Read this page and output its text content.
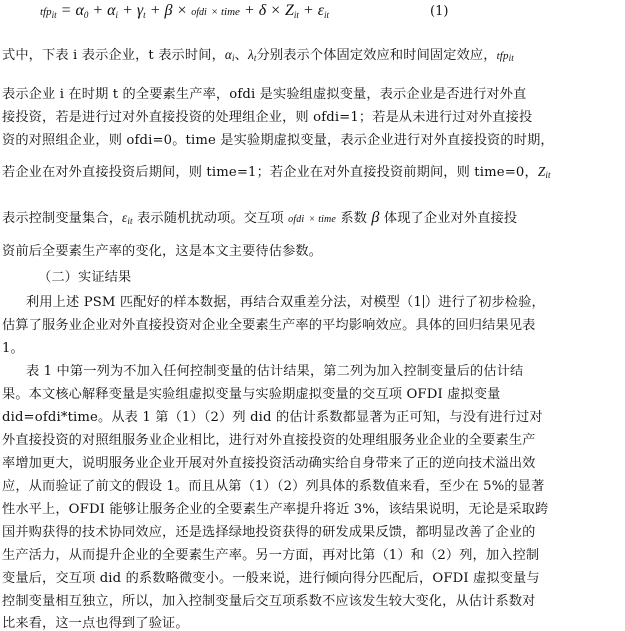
$tfp_{it} = \alpha_0 + \alpha_i + \gamma_t + \beta$ × ofdi × time + $\delta \times Z_{it} + \varepsilon_{it}$	(1)
式中，下表 i 表示企业，t 表示时间，αi、λt分别表示个体固定效应和时间固定效应，tfpit
表示企业 i 在时期 t 的全要素生产率，ofdi 是实验组虚拟变量，表示企业是否进行对外直
接投资，若是进行过对外直接投资的处理组企业，则 ofdi=1；若是从未进行过对外直接投
资的对照组企业，则 ofdi=0。time 是实验期虚拟变量，表示企业进行对外直接投资的时期，
若企业在对外直接投资后期间，则 time=1；若企业在对外直接投资前期间，则 time=0，Zit
表示控制变量集合，εit 表示随机扰动项。交互项 ofdi × time 系数 β 体现了企业对外直接投
资前后全要素生产率的变化，这是本文主要待估参数。
（二）实证结果
利用上述 PSM 匹配好的样本数据，再结合双重差分法，对模型（1 ）进行了初步检验，
估算了服务业企业对外直接投资对企业全要素生产率的平均影响效应。具体的回归结果见表
1。
表 1 中第一列为不加入任何控制变量的估计结果，第二列为加入控制变量后的估计结
果。本文核心解释变量是实验组虚拟变量与实验期虚拟变量的交互项 OFDI 虚拟变量
did=ofdi*time。从表 1 第（1）（2）列 did 的估计系数都显著为正可知，与没有进行过对
外直接投资的对照组服务业企业相比，进行对外直接投资的处理组服务业企业的全要素生产
率增加更大，说明服务业企业开展对外直接投资活动确实给自身带来了正的逆向技术溢出效
应，从而验证了前文的假设 1。而且从第（1）（2）列具体的系数值来看，至少在 5%的显著
性水平上，OFDI 能够让服务企业的全要素生产率提升将近 3%，该结果说明，无论是采取跨
国并购获得的技术协同效应，还是选择绿地投资获得的研发成果反馈，都明显改善了企业的
生产活力，从而提升企业的全要素生产率。另一方面，再对比第（1）和（2）列，加入控制
变量后，交互项 did 的系数略微变小。一般来说，进行倾向得分匹配后，OFDI 虚拟变量与
控制变量相互独立，所以，加入控制变量后交互项系数不应该发生较大变化，从估计系数对
比来看，这一点也得到了验证。
